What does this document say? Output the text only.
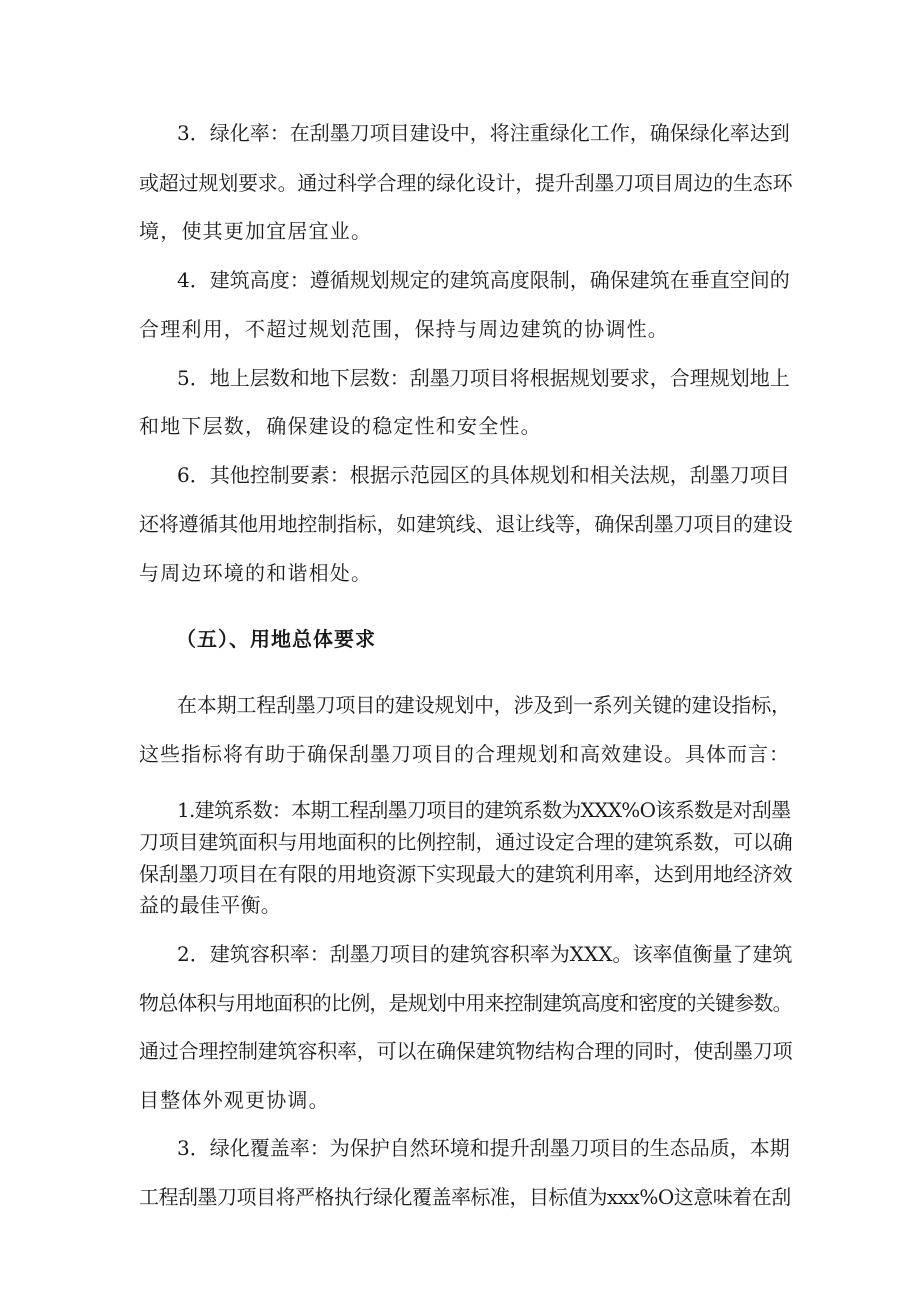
3．绿化率：在刮墨刀项目建设中，将注重绿化工作，确保绿化率达到
或超过规划要求。通过科学合理的绿化设计，提升刮墨刀项目周边的生态环
境，使其更加宜居宜业。
4．建筑高度：遵循规划规定的建筑高度限制，确保建筑在垂直空间的
合理利用，不超过规划范围，保持与周边建筑的协调性。
5．地上层数和地下层数：刮墨刀项目将根据规划要求，合理规划地上
和地下层数，确保建设的稳定性和安全性。
6．其他控制要素：根据示范园区的具体规划和相关法规，刮墨刀项目
还将遵循其他用地控制指标，如建筑线、退让线等，确保刮墨刀项目的建设
与周边环境的和谐相处。
（五）、用地总体要求
在本期工程刮墨刀项目的建设规划中，涉及到一系列关键的建设指标，
这些指标将有助于确保刮墨刀项目的合理规划和高效建设。具体而言：
1.建筑系数：本期工程刮墨刀项目的建筑系数为XXX%O该系数是对刮墨
刀项目建筑面积与用地面积的比例控制，通过设定合理的建筑系数，可以确
保刮墨刀项目在有限的用地资源下实现最大的建筑利用率，达到用地经济效
益的最佳平衡。
2．建筑容积率：刮墨刀项目的建筑容积率为XXX。该率值衡量了建筑
物总体积与用地面积的比例，是规划中用来控制建筑高度和密度的关键参数。
通过合理控制建筑容积率，可以在确保建筑物结构合理的同时，使刮墨刀项
目整体外观更协调。
3．绿化覆盖率：为保护自然环境和提升刮墨刀项目的生态品质，本期
工程刮墨刀项目将严格执行绿化覆盖率标准，目标值为xxx%O这意味着在刮
